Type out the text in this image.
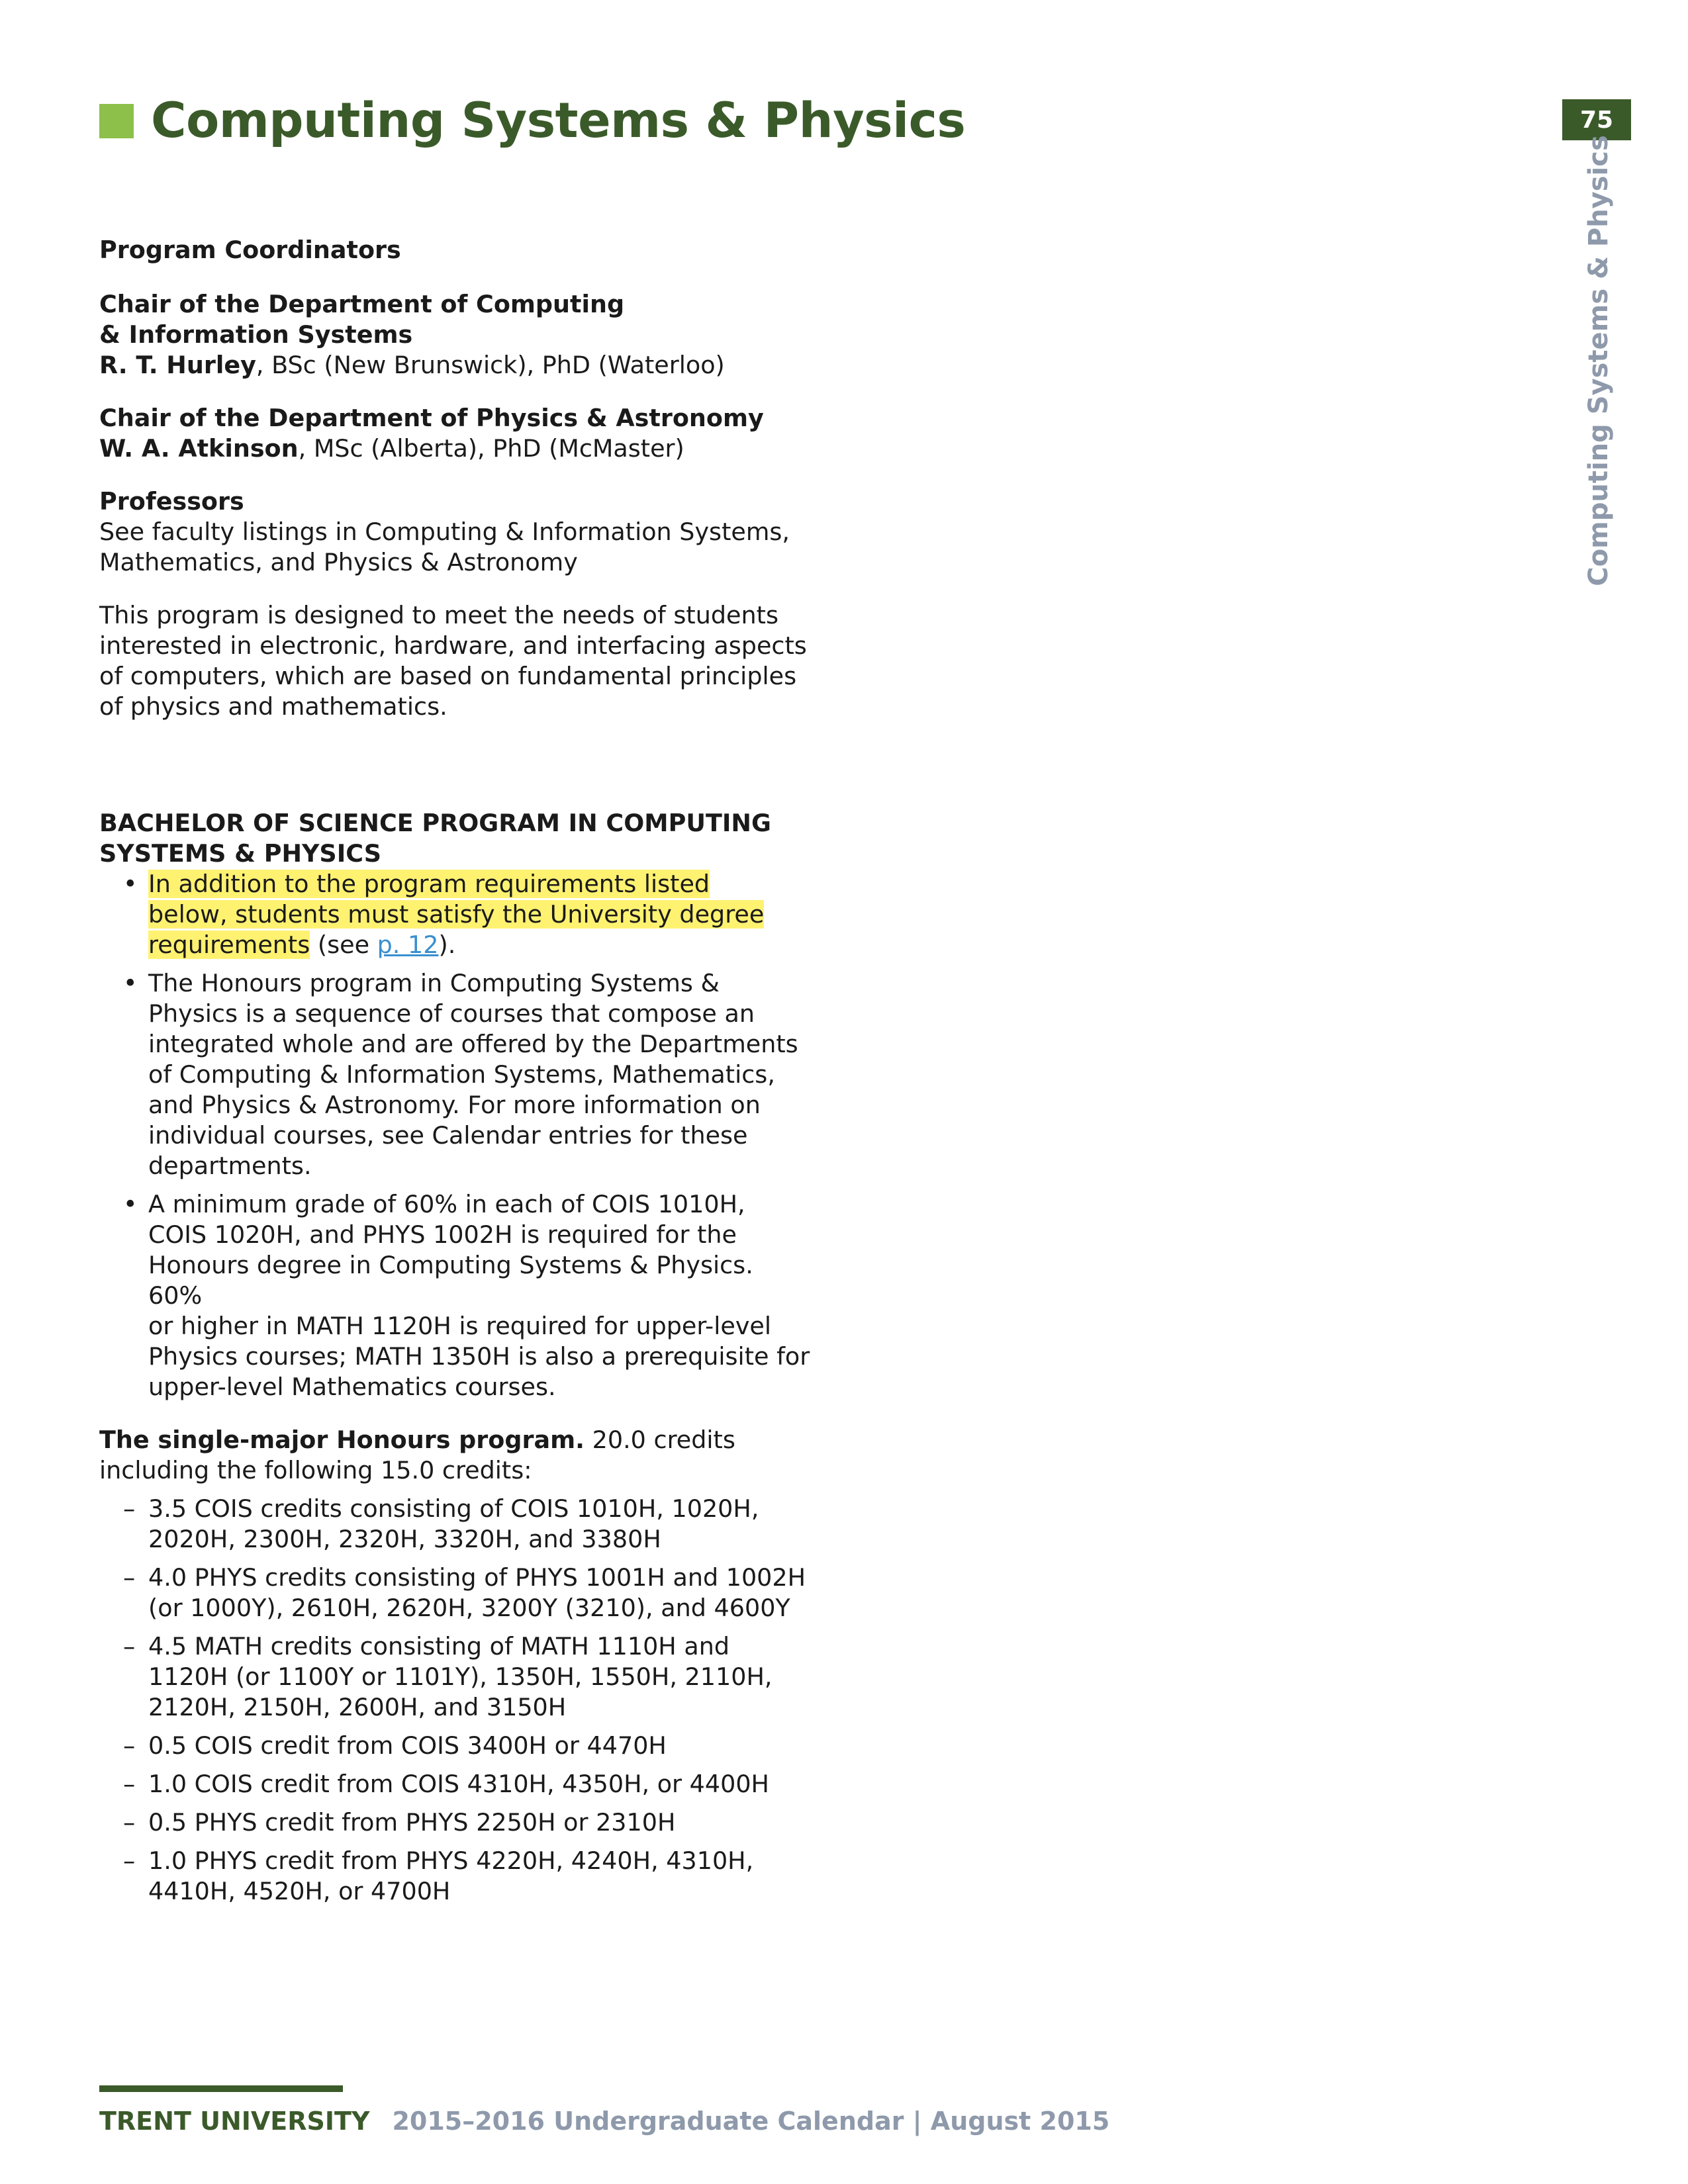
Computing Systems & Physics	75
Computing Systems & Physics

Program Coordinators

Chair of the Department of Computing

& Information Systems

R. T. Hurley, BSc (New Brunswick), PhD (Waterloo)

Chair of the Department of Physics & Astronomy

W. A. Atkinson, MSc (Alberta), PhD (McMaster)

Professors

See faculty listings in Computing & Information Systems,

Mathematics, and Physics & Astronomy

This program is designed to meet the needs of students

interested in electronic, hardware, and interfacing aspects

of computers, which are based on fundamental principles

of physics and mathematics.

BACHELOR OF SCIENCE PROGRAM IN COMPUTING

SYSTEMS & PHYSICS

• In addition to the program requirements listed
below, students must satisfy the University degree
requirements (see p. 12).
• The Honours program in Computing Systems &
Physics is a sequence of courses that compose an
integrated whole and are offered by the Departments
of Computing & Information Systems, Mathematics,
and Physics & Astronomy. For more information on
individual courses, see Calendar entries for these
departments.
• A minimum grade of 60% in each of COIS 1010H,
COIS 1020H, and PHYS 1002H is required for the
Honours degree in Computing Systems & Physics. 60%
or higher in MATH 1120H is required for upper-level
Physics courses; MATH 1350H is also a prerequisite for
upper-level Mathematics courses.

The single-major Honours program. 20.0 credits

including the following 15.0 credits:

– 3.5 COIS credits consisting of COIS 1010H, 1020H,
2020H, 2300H, 2320H, 3320H, and 3380H
– 4.0 PHYS credits consisting of PHYS 1001H and 1002H
(or 1000Y), 2610H, 2620H, 3200Y (3210), and 4600Y
– 4.5 MATH credits consisting of MATH 1110H and
1120H (or 1100Y or 1101Y), 1350H, 1550H, 2110H,
2120H, 2150H, 2600H, and 3150H
– 0.5 COIS credit from COIS 3400H or 4470H
– 1.0 COIS credit from COIS 4310H, 4350H, or 4400H
– 0.5 PHYS credit from PHYS 2250H or 2310H
– 1.0 PHYS credit from PHYS 4220H, 4240H, 4310H,
4410H, 4520H, or 4700H
TRENT UNIVERSITY 2015–2016 Undergraduate Calendar | August 2015
